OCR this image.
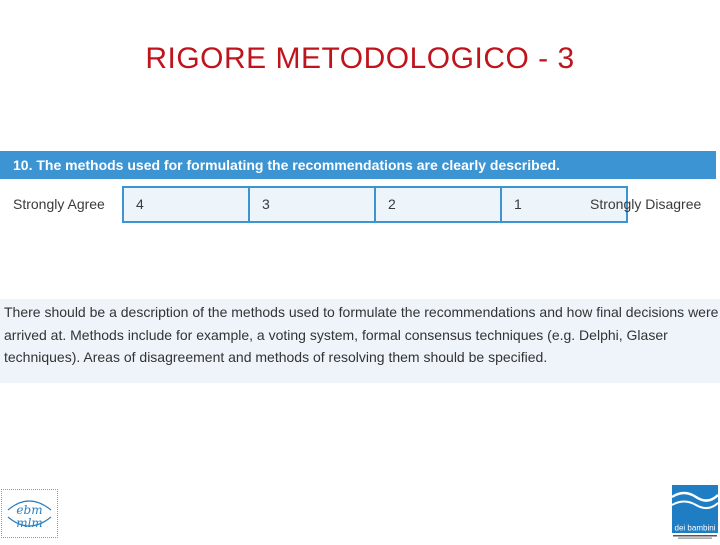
RIGORE METODOLOGICO - 3
10. The methods used for formulating the recommendations are clearly described.
Strongly Agree	4	3	2	1	Strongly Disagree
There should be a description of the methods used to formulate the recommendations and how final decisions were arrived at. Methods include for example, a voting system, formal consensus techniques (e.g. Delphi, Glaser techniques). Areas of disagreement and methods of resolving them should be specified.
ebm
mlm	dei bambini
